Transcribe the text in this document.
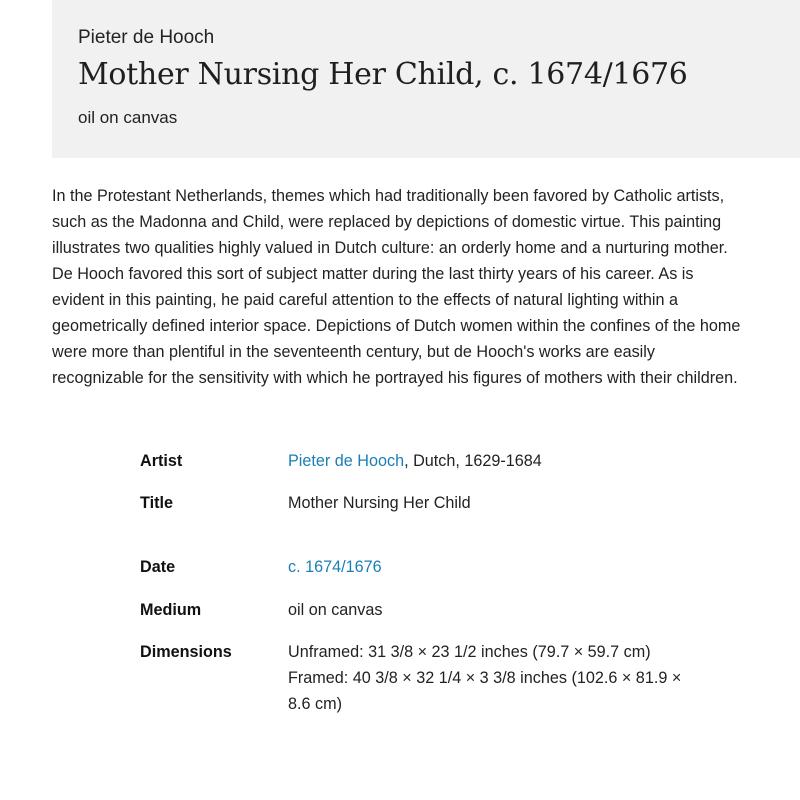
Pieter de Hooch
Mother Nursing Her Child, c. 1674/1676
oil on canvas

In the Protestant Netherlands, themes which had traditionally been favored by Catholic artists, such as the Madonna and Child, were replaced by depictions of domestic virtue. This painting illustrates two qualities highly valued in Dutch culture: an orderly home and a nurturing mother. De Hooch favored this sort of subject matter during the last thirty years of his career. As is evident in this painting, he paid careful attention to the effects of natural lighting within a geometrically defined interior space. Depictions of Dutch women within the confines of the home were more than plentiful in the seventeenth century, but de Hooch's works are easily recognizable for the sensitivity with which he portrayed his figures of mothers with their children.

Artist	Pieter de Hooch, Dutch, 1629-1684
Title	Mother Nursing Her Child
Date	c. 1674/1676
Medium	oil on canvas
Dimensions	Unframed: 31 3/8 × 23 1/2 inches (79.7 × 59.7 cm)
Framed: 40 3/8 × 32 1/4 × 3 3/8 inches (102.6 × 81.9 × 8.6 cm)
